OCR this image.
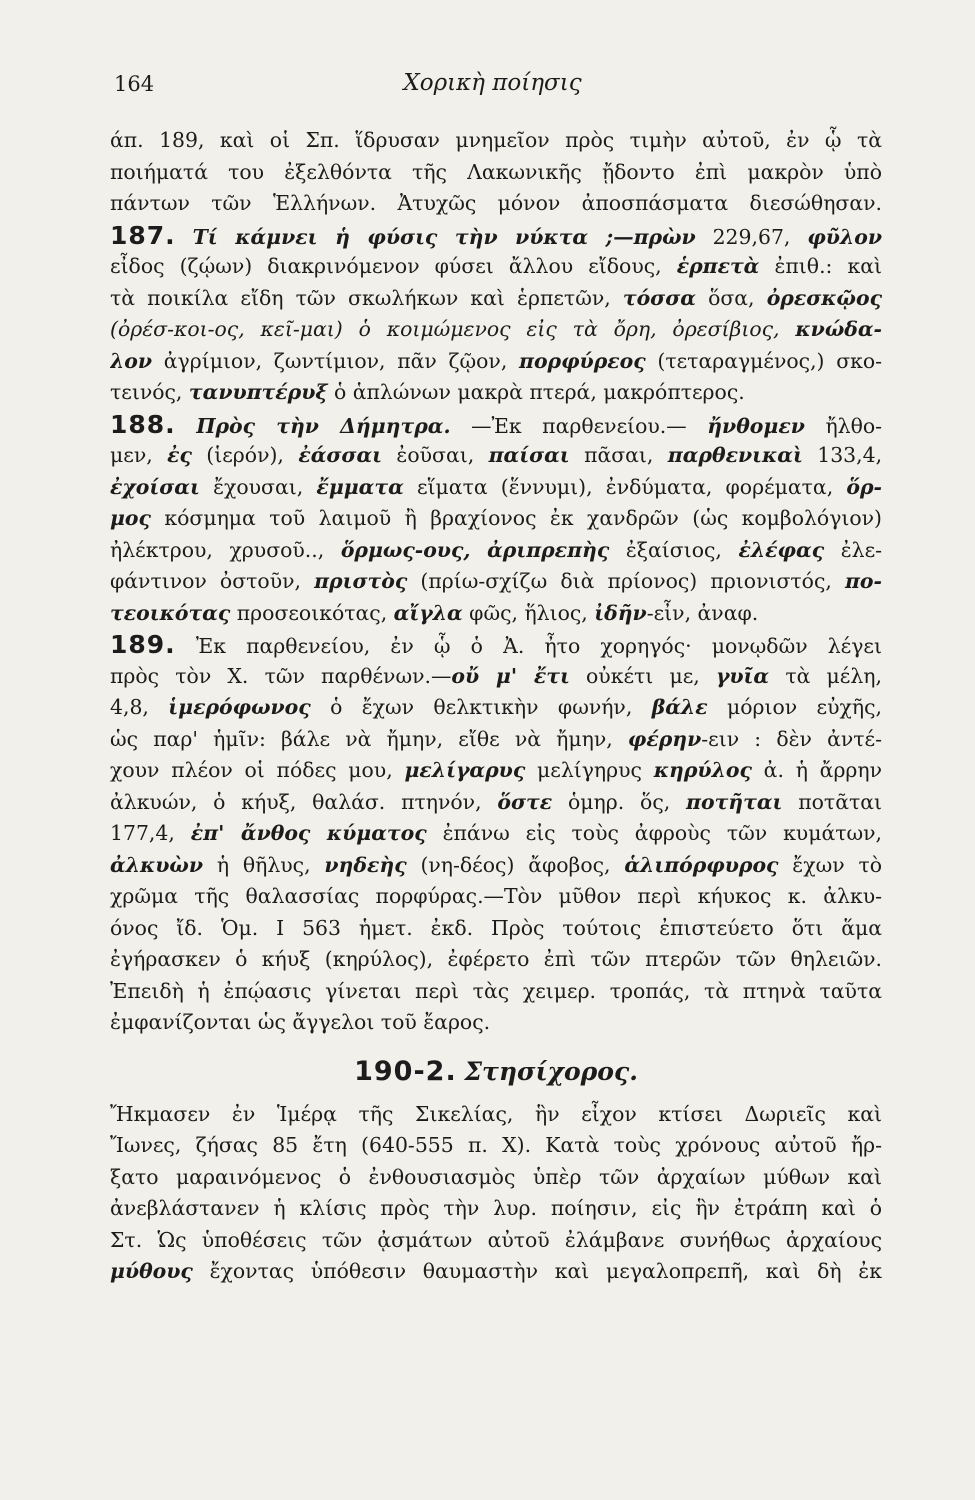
164	Χορικὴ ποίησις
άπ. 189, καὶ οἱ Σπ. ἵδρυσαν μνημεῖον πρὸς τιμὴν αὐτοῦ, ἐν ᾧ τὰ
ποιήματά του ἐξελθόντα τῆς Λακωνικῆς ᾔδοντο ἐπὶ μακρὸν ὑπὸ
πάντων τῶν Ἑλλήνων. Ἀτυχῶς μόνον ἀποσπάσματα διεσώθησαν.
187. Τί κάμνει ἡ φύσις τὴν νύκτα ;—πρὼν 229,67, φῦλον
εἶδος (ζῴων) διακρινόμενον φύσει ἄλλου εἴδους, ἑρπετὰ ἐπιθ.: καὶ
τὰ ποικίλα εἴδη τῶν σκωλήκων καὶ ἑρπετῶν, τόσσα ὅσα, ὀρεσκῷος
(ὀρέσ-κοι-ος, κεῖ-μαι) ὁ κοιμώμενος εἰς τὰ ὄρη, ὀρεσίβιος, κνώδα-
λον ἀγρίμιον, ζωντίμιον, πᾶν ζῷον, πορφύρεος (τεταραγμένος,) σκο-
τεινός, τανυπτέρυξ ὁ ἁπλώνων μακρὰ πτερά, μακρόπτερος.
188. Πρὸς τὴν Δήμητρα. —Ἐκ παρθενείου.— ἤνθομεν ἤλθο-
μεν, ἐς (ἱερόν), ἐάσσαι ἐοῦσαι, παίσαι πᾶσαι, παρθενικαὶ 133,4,
ἐχοίσαι ἔχουσαι, ἔμματα εἵματα (ἕννυμι), ἐνδύματα, φορέματα, ὅρ-
μος κόσμημα τοῦ λαιμοῦ ἢ βραχίονος ἐκ χανδρῶν (ὡς κομβολόγιον)
ἠλέκτρου, χρυσοῦ.., ὅρμως-ους, ἀριπρεπὴς ἐξαίσιος, ἐλέφας ἐλε-
φάντινον ὀστοῦν, πριστὸς (πρίω-σχίζω διὰ πρίονος) πριονιστός, πο-
τεοικότας προσεοικότας, αἴγλα φῶς, ἥλιος, ἰδῆν-εἶν, ἀναφ.
189. Ἐκ παρθενείου, ἐν ᾧ ὁ Ἀ. ἦτο χορηγός· μονῳδῶν λέγει
πρὸς τὸν Χ. τῶν παρθένων.—οὔ μ' ἔτι οὐκέτι με, γυῖα τὰ μέλη,
4,8, ἱμερόφωνος ὁ ἔχων θελκτικὴν φωνήν, βάλε μόριον εὐχῆς,
ὡς παρ' ἡμῖν: βάλε νὰ ἤμην, εἴθε νὰ ἤμην, φέρην-ειν : δὲν ἀντέ-
χουν πλέον οἱ πόδες μου, μελίγαρυς μελίγηρυς κηρύλος ἀ. ἡ ἄρρην
ἀλκυών, ὁ κήυξ, θαλάσ. πτηνόν, ὅστε ὁμηρ. ὅς, ποτῆται ποτᾶται
177,4, ἐπ' ἄνθος κύματος ἐπάνω εἰς τοὺς ἀφροὺς τῶν κυμάτων,
ἀλκυὼν ἡ θῆλυς, νηδεὴς (νη-δέος) ἄφοβος, ἁλιπόρφυρος ἔχων τὸ
χρῶμα τῆς θαλασσίας πορφύρας.—Τὸν μῦθον περὶ κήυκος κ. ἀλκυ-
όνος ἴδ. Ὁμ. Ι 563 ἡμετ. ἐκδ. Πρὸς τούτοις ἐπιστεύετο ὅτι ἅμα
ἐγήρασκεν ὁ κήυξ (κηρύλος), ἐφέρετο ἐπὶ τῶν πτερῶν τῶν θηλειῶν.
Ἐπειδὴ ἡ ἐπῴασις γίνεται περὶ τὰς χειμερ. τροπάς, τὰ πτηνὰ ταῦτα
ἐμφανίζονται ὡς ἄγγελοι τοῦ ἔαρος.
190-2. Στησίχορος.
Ἤκμασεν ἐν Ἱμέρᾳ τῆς Σικελίας, ἣν εἶχον κτίσει Δωριεῖς καὶ
Ἴωνες, ζήσας 85 ἔτη (640-555 π. Χ). Κατὰ τοὺς χρόνους αὐτοῦ ἤρ-
ξατο μαραινόμενος ὁ ἐνθουσιασμὸς ὑπὲρ τῶν ἀρχαίων μύθων καὶ
ἀνεβλάστανεν ἡ κλίσις πρὸς τὴν λυρ. ποίησιν, εἰς ἣν ἐτράπη καὶ ὁ
Στ. Ὡς ὑποθέσεις τῶν ᾀσμάτων αὐτοῦ ἐλάμβανε συνήθως ἀρχαίους
μύθους ἔχοντας ὑπόθεσιν θαυμαστὴν καὶ μεγαλοπρεπῆ, καὶ δὴ ἐκ
